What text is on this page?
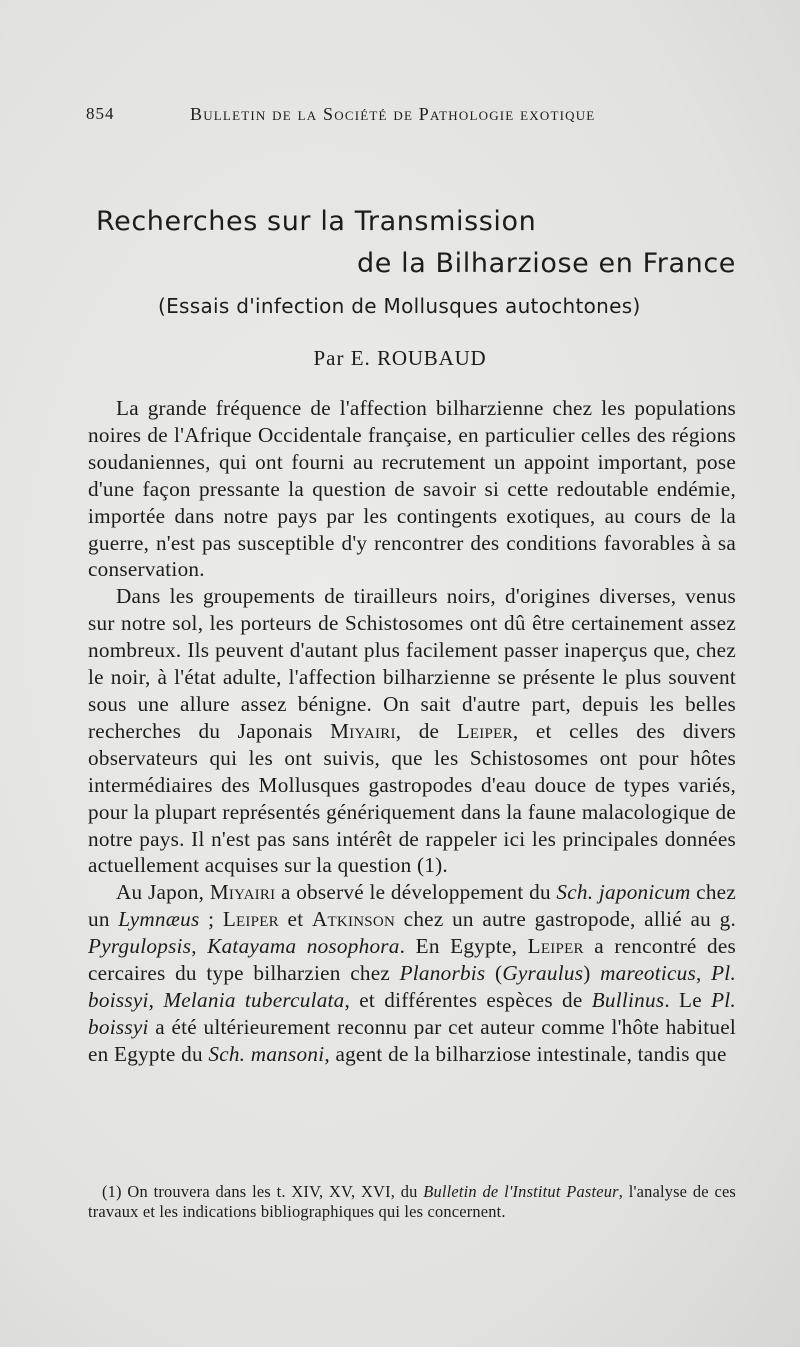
854	Bulletin de la Société de Pathologie exotique
Recherches sur la Transmission
de la Bilharziose en France
(Essais d'infection de Mollusques autochtones)
Par E. ROUBAUD

La grande fréquence de l'affection bilharzienne chez les populations noires de l'Afrique Occidentale française, en particulier celles des régions soudaniennes, qui ont fourni au recrutement un appoint important, pose d'une façon pressante la question de savoir si cette redoutable endémie, importée dans notre pays par les contingents exotiques, au cours de la guerre, n'est pas susceptible d'y rencontrer des conditions favorables à sa conservation.

Dans les groupements de tirailleurs noirs, d'origines diverses, venus sur notre sol, les porteurs de Schistosomes ont dû être certainement assez nombreux. Ils peuvent d'autant plus facilement passer inaperçus que, chez le noir, à l'état adulte, l'affection bilharzienne se présente le plus souvent sous une allure assez bénigne. On sait d'autre part, depuis les belles recherches du Japonais Miyairi, de Leiper, et celles des divers observateurs qui les ont suivis, que les Schistosomes ont pour hôtes intermédiaires des Mollusques gastropodes d'eau douce de types variés, pour la plupart représentés génériquement dans la faune malacologique de notre pays. Il n'est pas sans intérêt de rappeler ici les principales données actuellement acquises sur la question (1).

Au Japon, Miyairi a observé le développement du Sch. japonicum chez un Lymnæus ; Leiper et Atkinson chez un autre gastropode, allié au g. Pyrgulopsis, Katayama nosophora. En Egypte, Leiper a rencontré des cercaires du type bilharzien chez Planorbis (Gyraulus) mareoticus, Pl. boissyi, Melania tuberculata, et différentes espèces de Bullinus. Le Pl. boissyi a été ultérieurement reconnu par cet auteur comme l'hôte habituel en Egypte du Sch. mansoni, agent de la bilharziose intestinale, tandis que

(1) On trouvera dans les t. XIV, XV, XVI, du Bulletin de l'Institut Pasteur, l'analyse de ces travaux et les indications bibliographiques qui les concernent.
